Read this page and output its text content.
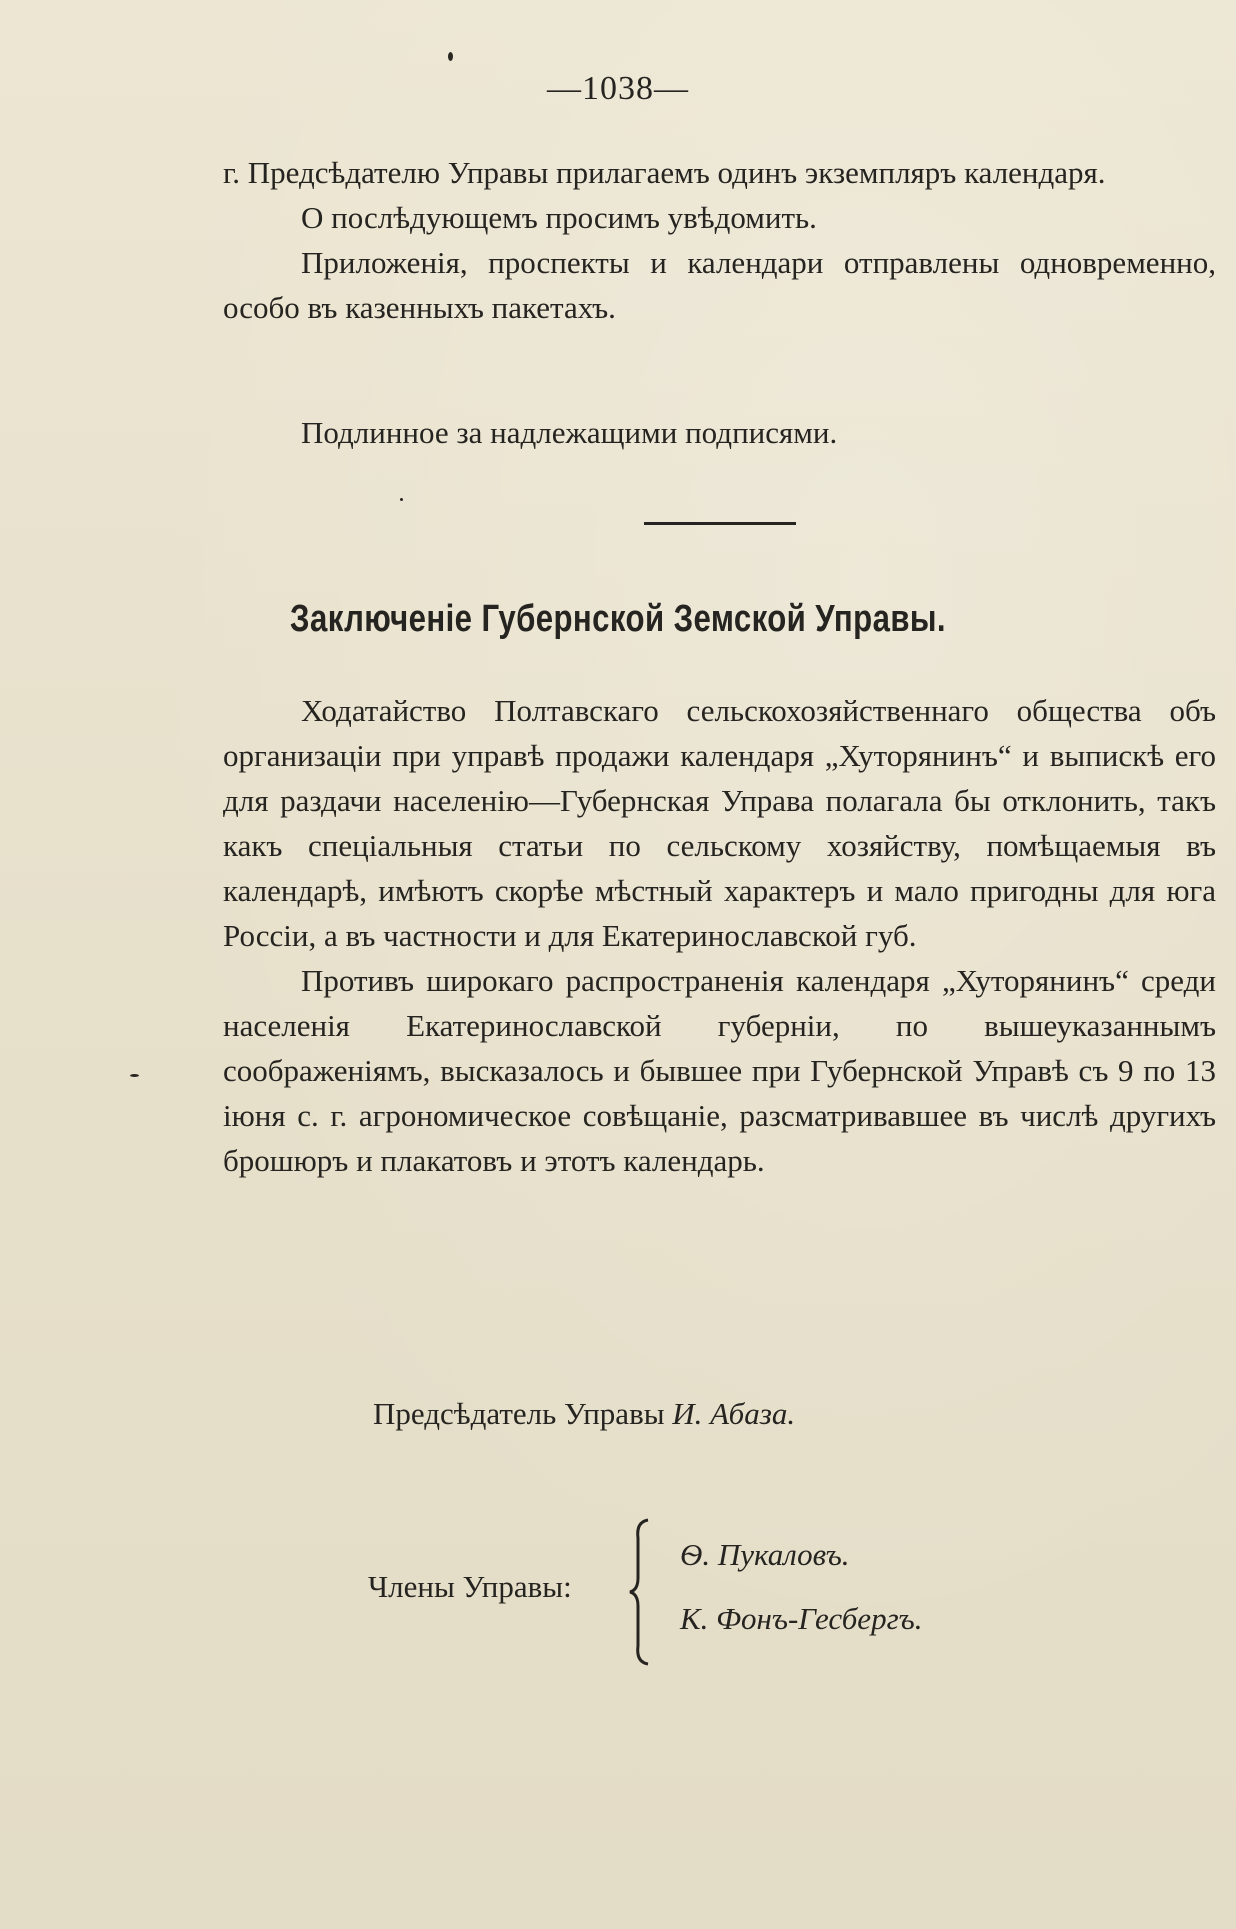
—1038—

г. Предсѣдателю Управы прилагаемъ одинъ экземпляръ календаря.

О послѣдующемъ просимъ увѣдомить.

Приложенія, проспекты и календари отправлены одновременно, особо въ казенныхъ пакетахъ.

Подлинное за надлежащими подписями.
Заключеніе Губернской Земской Управы.

Ходатайство Полтавскаго сельскохозяйственнаго общества объ организаціи при управѣ продажи календаря „Хуторянинъ“ и выпискѣ его для раздачи населенію—Губернская Управа полагала бы отклонить, такъ какъ спеціальныя статьи по сельскому хозяйству, помѣщаемыя въ календарѣ, имѣютъ скорѣе мѣстный характеръ и мало пригодны для юга Россіи, а въ частности и для Екатеринославской губ.

Противъ широкаго распространенія календаря „Хуторянинъ“ среди населенія Екатеринославской губерніи, по вышеуказаннымъ соображеніямъ, высказалось и бывшее при Губернской Управѣ съ 9 по 13 іюня с. г. агрономическое совѣщаніе, разсматривавшее въ числѣ другихъ брошюръ и плакатовъ и этотъ календарь.

Предсѣдатель Управы И. Абаза.
Члены Управы:
Ѳ. Пукаловъ.
К. Фонъ-Гесбергъ.
